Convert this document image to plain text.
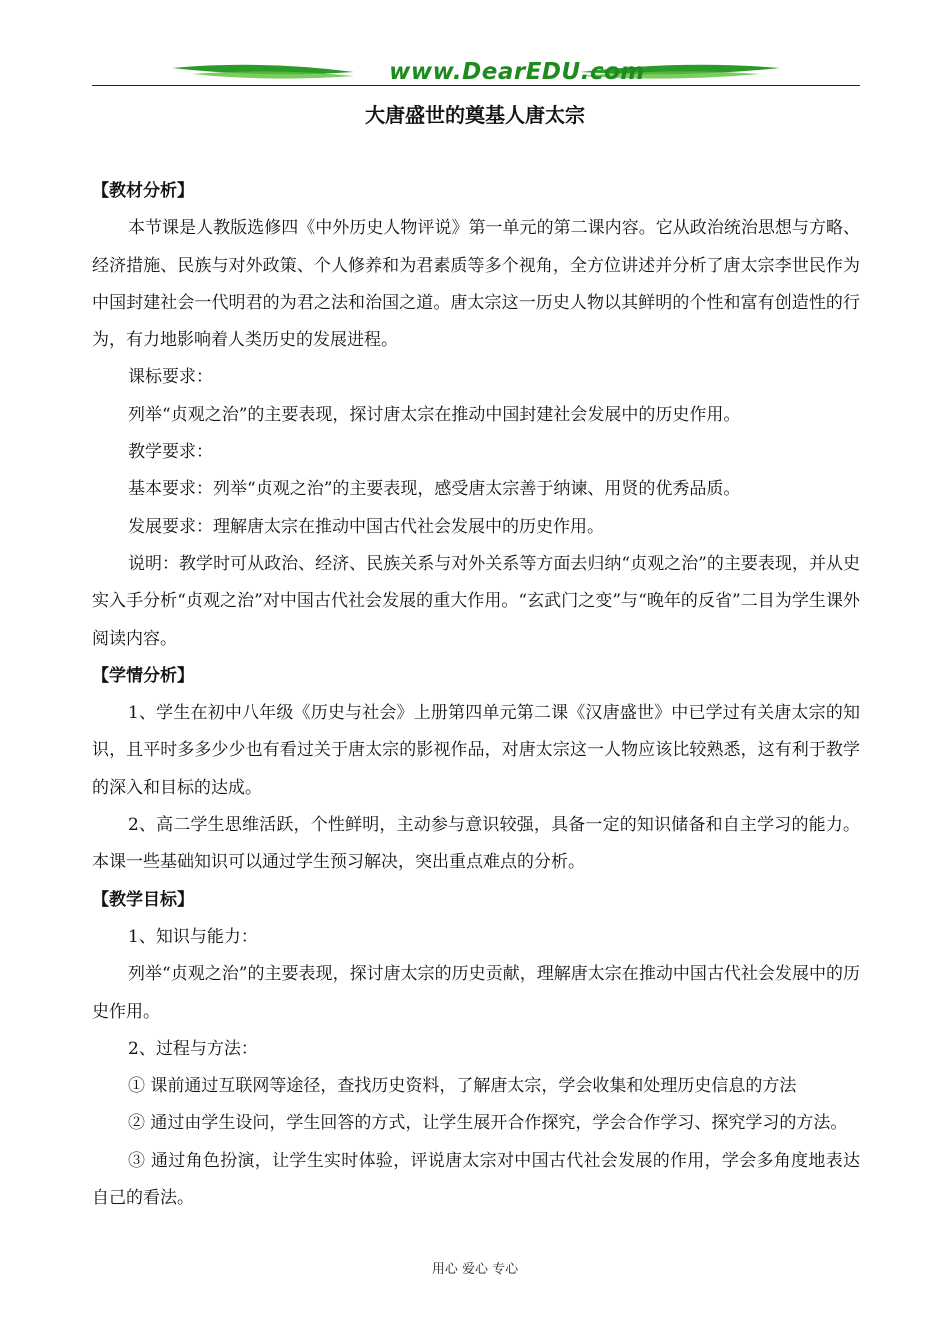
www.DearEDU.com
大唐盛世的奠基人唐太宗

【教材分析】

本节课是人教版选修四《中外历史人物评说》第一单元的第二课内容。它从政治统治思想与方略、经济措施、民族与对外政策、个人修养和为君素质等多个视角，全方位讲述并分析了唐太宗李世民作为中国封建社会一代明君的为君之法和治国之道。唐太宗这一历史人物以其鲜明的个性和富有创造性的行为，有力地影响着人类历史的发展进程。

课标要求：

列举“贞观之治”的主要表现，探讨唐太宗在推动中国封建社会发展中的历史作用。

教学要求：

基本要求：列举“贞观之治”的主要表现，感受唐太宗善于纳谏、用贤的优秀品质。

发展要求：理解唐太宗在推动中国古代社会发展中的历史作用。

说明：教学时可从政治、经济、民族关系与对外关系等方面去归纳“贞观之治”的主要表现，并从史实入手分析“贞观之治”对中国古代社会发展的重大作用。“玄武门之变”与“晚年的反省”二目为学生课外阅读内容。

【学情分析】

1、学生在初中八年级《历史与社会》上册第四单元第二课《汉唐盛世》中已学过有关唐太宗的知识，且平时多多少少也有看过关于唐太宗的影视作品，对唐太宗这一人物应该比较熟悉，这有利于教学的深入和目标的达成。

2、高二学生思维活跃，个性鲜明，主动参与意识较强，具备一定的知识储备和自主学习的能力。本课一些基础知识可以通过学生预习解决，突出重点难点的分析。

【教学目标】

1、知识与能力：

列举“贞观之治”的主要表现，探讨唐太宗的历史贡献，理解唐太宗在推动中国古代社会发展中的历史作用。

2、过程与方法：

① 课前通过互联网等途径，查找历史资料，了解唐太宗，学会收集和处理历史信息的方法

② 通过由学生设问，学生回答的方式，让学生展开合作探究，学会合作学习、探究学习的方法。

③ 通过角色扮演，让学生实时体验，评说唐太宗对中国古代社会发展的作用，学会多角度地表达自己的看法。

用心 爱心 专心
